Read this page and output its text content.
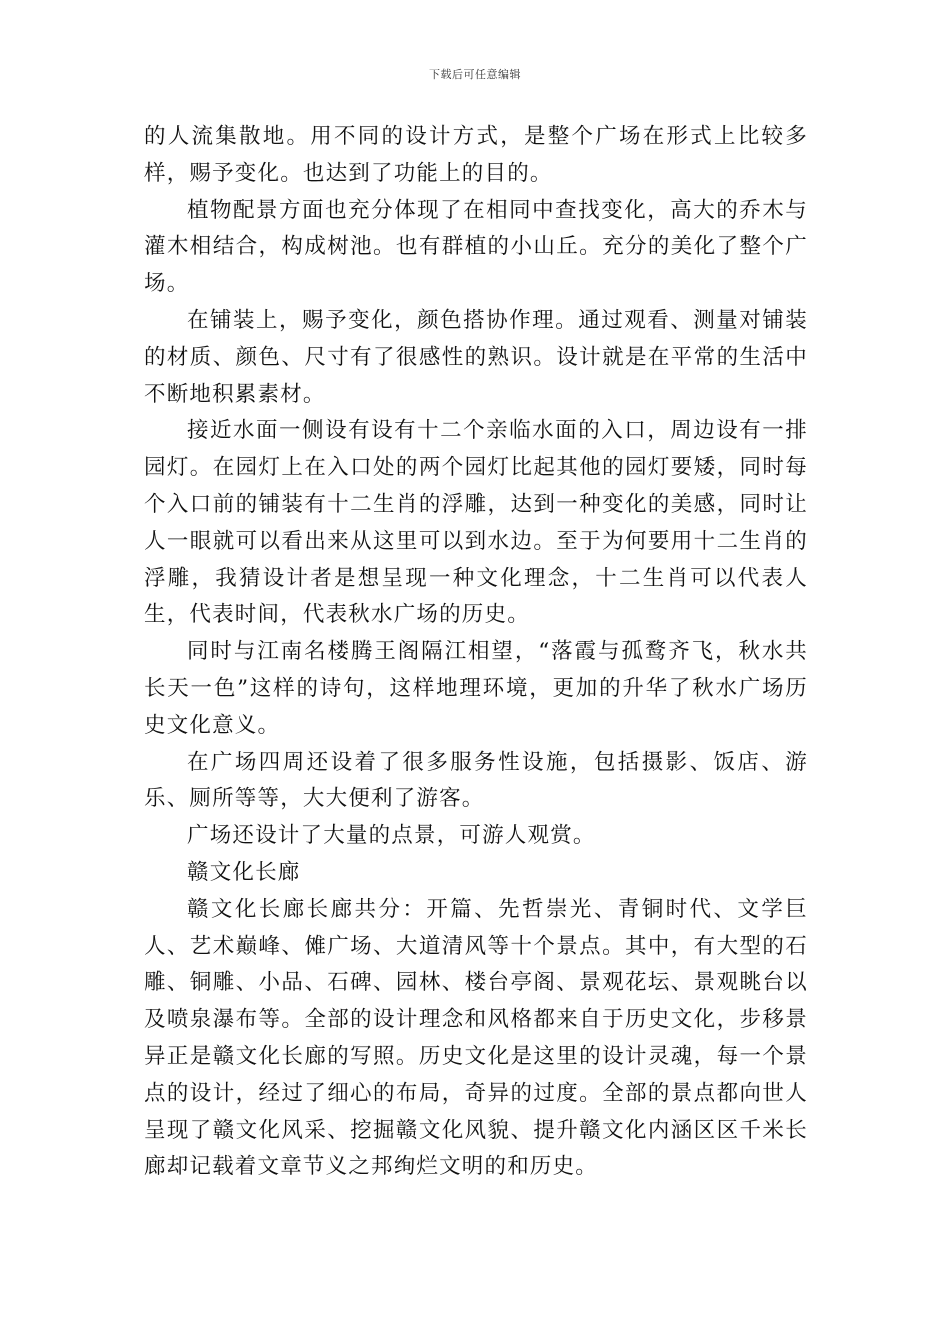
下载后可任意编辑

的人流集散地。用不同的设计方式，是整个广场在形式上比较多样，赐予变化。也达到了功能上的目的。

植物配景方面也充分体现了在相同中查找变化，高大的乔木与灌木相结合，构成树池。也有群植的小山丘。充分的美化了整个广场。

在铺装上，赐予变化，颜色搭协作理。通过观看、测量对铺装的材质、颜色、尺寸有了很感性的熟识。设计就是在平常的生活中不断地积累素材。

接近水面一侧设有设有十二个亲临水面的入口，周边设有一排园灯。在园灯上在入口处的两个园灯比起其他的园灯要矮，同时每个入口前的铺装有十二生肖的浮雕，达到一种变化的美感，同时让人一眼就可以看出来从这里可以到水边。至于为何要用十二生肖的浮雕，我猜设计者是想呈现一种文化理念，十二生肖可以代表人生，代表时间，代表秋水广场的历史。

同时与江南名楼腾王阁隔江相望，“落霞与孤鹜齐飞，秋水共长天一色”这样的诗句，这样地理环境，更加的升华了秋水广场历史文化意义。

在广场四周还设着了很多服务性设施，包括摄影、饭店、游乐、厕所等等，大大便利了游客。

广场还设计了大量的点景，可游人观赏。

赣文化长廊

赣文化长廊长廊共分：开篇、先哲崇光、青铜时代、文学巨人、艺术巅峰、傩广场、大道清风等十个景点。其中，有大型的石雕、铜雕、小品、石碑、园林、楼台亭阁、景观花坛、景观眺台以及喷泉瀑布等。全部的设计理念和风格都来自于历史文化，步移景异正是赣文化长廊的写照。历史文化是这里的设计灵魂，每一个景点的设计，经过了细心的布局，奇异的过度。全部的景点都向世人呈现了赣文化风采、挖掘赣文化风貌、提升赣文化内涵区区千米长廊却记载着文章节义之邦绚烂文明的和历史。
